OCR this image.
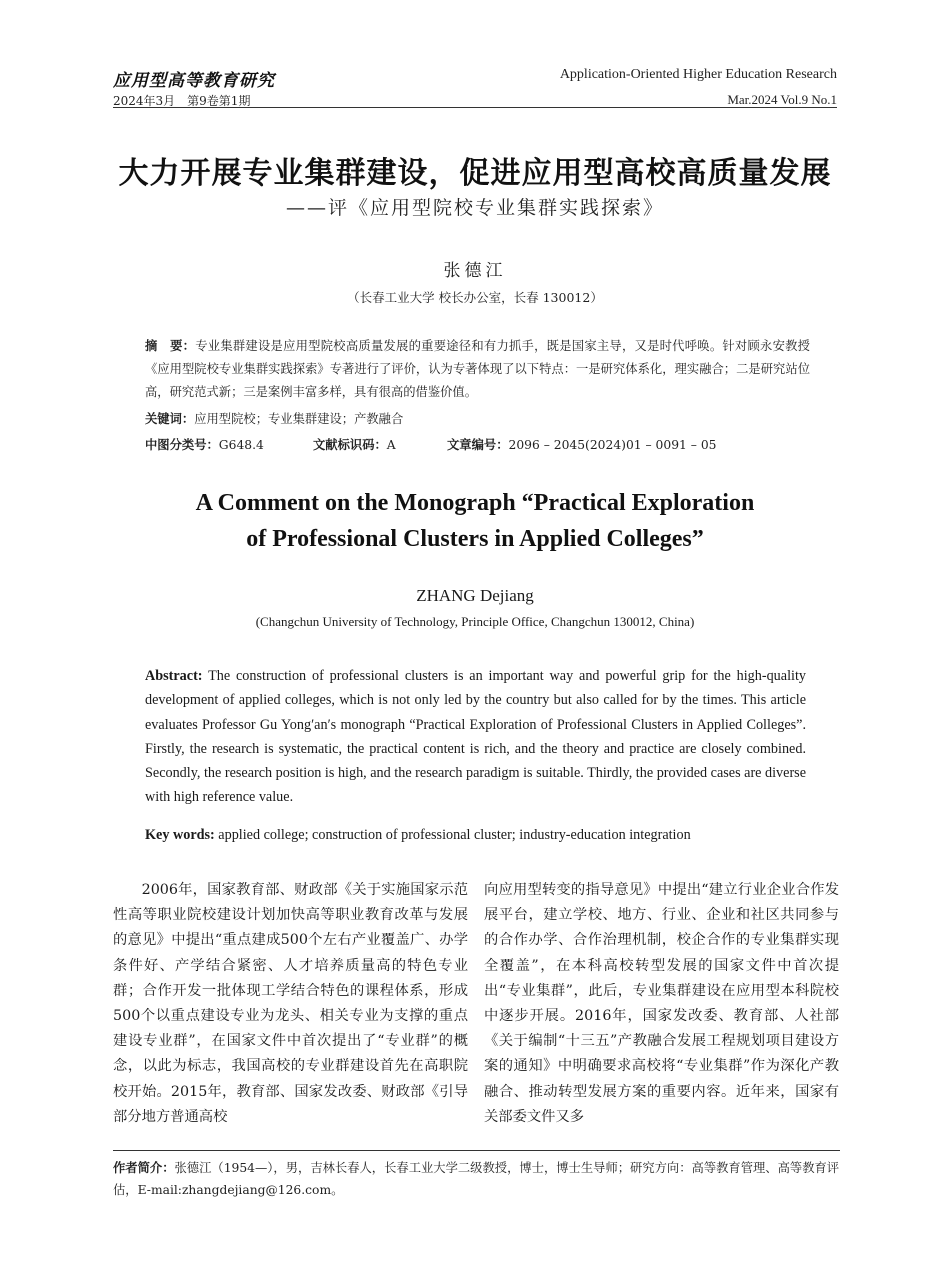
应用型高等教育研究
2024年3月　第9卷第1期
Application-Oriented Higher Education Research
Mar.2024 Vol.9 No.1
大力开展专业集群建设，促进应用型高校高质量发展
——评《应用型院校专业集群实践探索》
张德江
（长春工业大学 校长办公室，长春 130012）
摘　要：专业集群建设是应用型院校高质量发展的重要途径和有力抓手，既是国家主导，又是时代呼唤。针对顾永安教授《应用型院校专业集群实践探索》专著进行了评价，认为专著体现了以下特点：一是研究体系化，理实融合；二是研究站位高，研究范式新；三是案例丰富多样，具有很高的借鉴价值。
关键词：应用型院校；专业集群建设；产教融合
中图分类号：G648.4	文献标识码：A	文章编号：2096 – 2045(2024)01 – 0091 – 05
A Comment on the Monograph “Practical Exploration
of Professional Clusters in Applied Colleges”
ZHANG Dejiang
(Changchun University of Technology, Principle Office, Changchun 130012, China)
Abstract: The construction of professional clusters is an important way and powerful grip for the high-quality development of applied colleges, which is not only led by the country but also called for by the times. This article evaluates Professor Gu Yong′an′s monograph “Practical Exploration of Professional Clusters in Applied Colleges”. Firstly, the research is systematic, the practical content is rich, and the theory and practice are closely combined. Secondly, the research position is high, and the research paradigm is suitable. Thirdly, the provided cases are diverse with high reference value.
Key words: applied college; construction of professional cluster; industry-education integration
2006年，国家教育部、财政部《关于实施国家示范性高等职业院校建设计划加快高等职业教育改革与发展的意见》中提出“重点建成500个左右产业覆盖广、办学条件好、产学结合紧密、人才培养质量高的特色专业群；合作开发一批体现工学结合特色的课程体系，形成500个以重点建设专业为龙头、相关专业为支撑的重点建设专业群”，在国家文件中首次提出了“专业群”的概念，以此为标志，我国高校的专业群建设首先在高职院校开始。2015年，教育部、国家发改委、财政部《引导部分地方普通高校
向应用型转变的指导意见》中提出“建立行业企业合作发展平台，建立学校、地方、行业、企业和社区共同参与的合作办学、合作治理机制，校企合作的专业集群实现全覆盖”，在本科高校转型发展的国家文件中首次提出“专业集群”，此后，专业集群建设在应用型本科院校中逐步开展。2016年，国家发改委、教育部、人社部《关于编制“十三五”产教融合发展工程规划项目建设方案的通知》中明确要求高校将“专业集群”作为深化产教融合、推动转型发展方案的重要内容。近年来，国家有关部委文件又多
作者简介：张德江（1954—），男，吉林长春人，长春工业大学二级教授，博士，博士生导师；研究方向：高等教育管理、高等教育评估，E-mail:zhangdejiang@126.com。
